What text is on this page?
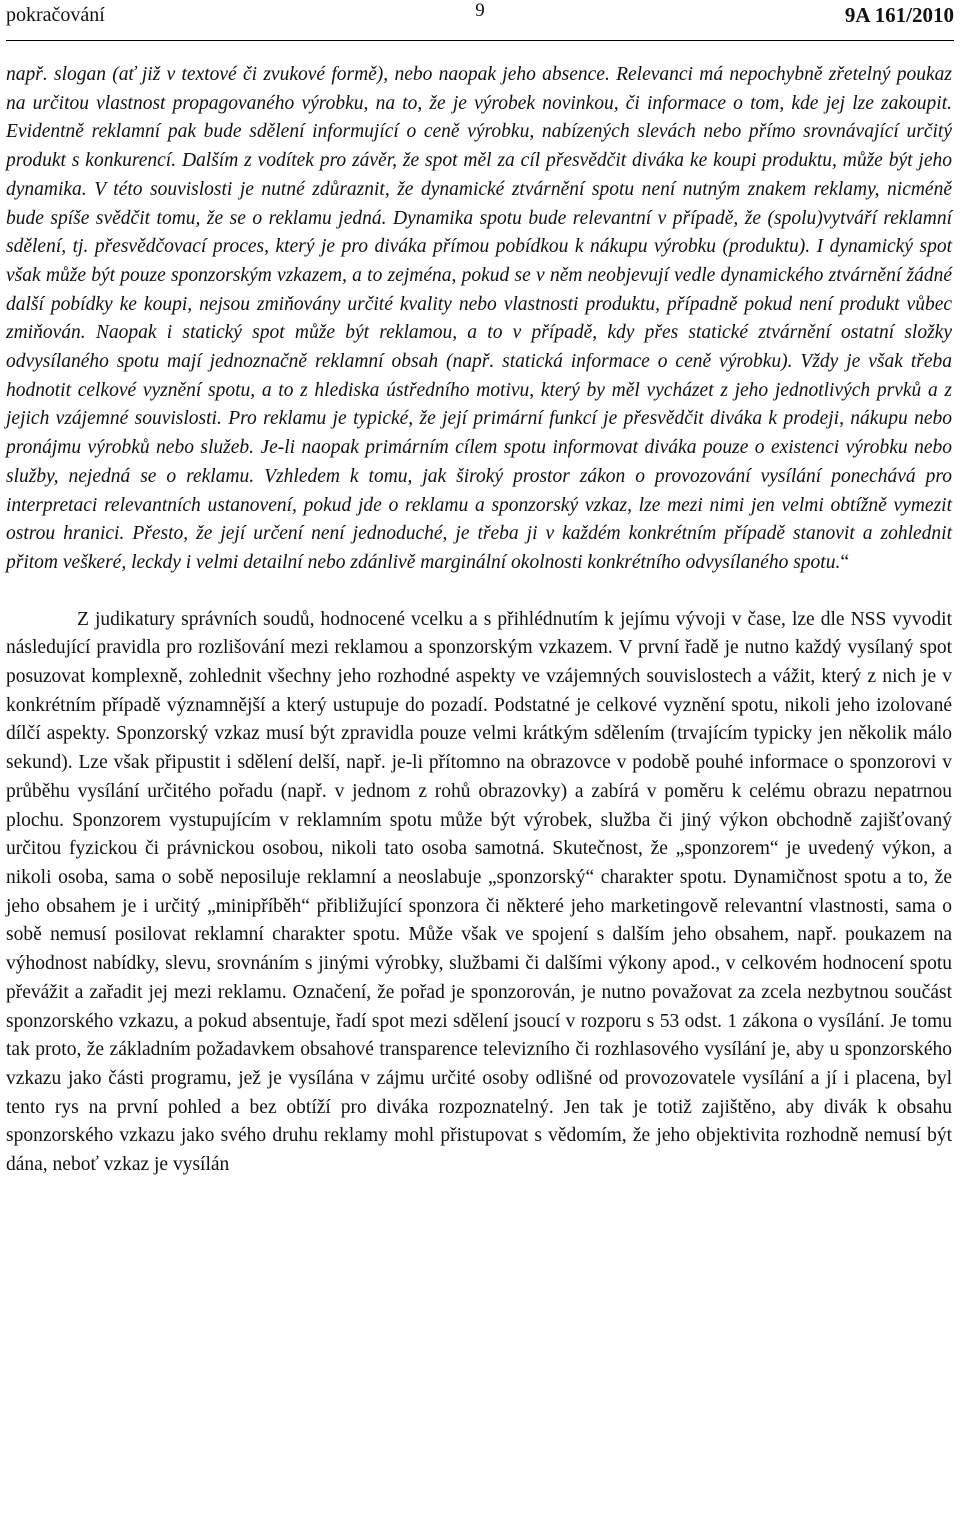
pokračování	9	9A 161/2010

např. slogan (ať již v textové či zvukové formě), nebo naopak jeho absence. Relevanci má nepochybně zřetelný poukaz na určitou vlastnost propagovaného výrobku, na to, že je výrobek novinkou, či informace o tom, kde jej lze zakoupit. Evidentně reklamní pak bude sdělení informující o ceně výrobku, nabízených slevách nebo přímo srovnávající určitý produkt s konkurencí. Dalším z vodítek pro závěr, že spot měl za cíl přesvědčit diváka ke koupi produktu, může být jeho dynamika. V této souvislosti je nutné zdůraznit, že dynamické ztvárnění spotu není nutným znakem reklamy, nicméně bude spíše svědčit tomu, že se o reklamu jedná. Dynamika spotu bude relevantní v případě, že (spolu)vytváří reklamní sdělení, tj. přesvědčovací proces, který je pro diváka přímou pobídkou k nákupu výrobku (produktu). I dynamický spot však může být pouze sponzorským vzkazem, a to zejména, pokud se v něm neobjevují vedle dynamického ztvárnění žádné další pobídky ke koupi, nejsou zmiňovány určité kvality nebo vlastnosti produktu, případně pokud není produkt vůbec zmiňován. Naopak i statický spot může být reklamou, a to v případě, kdy přes statické ztvárnění ostatní složky odvysílaného spotu mají jednoznačně reklamní obsah (např. statická informace o ceně výrobku). Vždy je však třeba hodnotit celkové vyznění spotu, a to z hlediska ústředního motivu, který by měl vycházet z jeho jednotlivých prvků a z jejich vzájemné souvislosti. Pro reklamu je typické, že její primární funkcí je přesvědčit diváka k prodeji, nákupu nebo pronájmu výrobků nebo služeb. Je-li naopak primárním cílem spotu informovat diváka pouze o existenci výrobku nebo služby, nejedná se o reklamu. Vzhledem k tomu, jak široký prostor zákon o provozování vysílání ponechává pro interpretaci relevantních ustanovení, pokud jde o reklamu a sponzorský vzkaz, lze mezi nimi jen velmi obtížně vymezit ostrou hranici. Přesto, že její určení není jednoduché, je třeba ji v každém konkrétním případě stanovit a zohlednit přitom veškeré, leckdy i velmi detailní nebo zdánlivě marginální okolnosti konkrétního odvysílaného spotu.“

Z judikatury správních soudů, hodnocené vcelku a s přihlédnutím k jejímu vývoji v čase, lze dle NSS vyvodit následující pravidla pro rozlišování mezi reklamou a sponzorským vzkazem. V první řadě je nutno každý vysílaný spot posuzovat komplexně, zohlednit všechny jeho rozhodné aspekty ve vzájemných souvislostech a vážit, který z nich je v konkrétním případě významnější a který ustupuje do pozadí. Podstatné je celkové vyznění spotu, nikoli jeho izolované dílčí aspekty. Sponzorský vzkaz musí být zpravidla pouze velmi krátkým sdělením (trvajícím typicky jen několik málo sekund). Lze však připustit i sdělení delší, např. je-li přítomno na obrazovce v podobě pouhé informace o sponzorovi v průběhu vysílání určitého pořadu (např. v jednom z rohů obrazovky) a zabírá v poměru k celému obrazu nepatrnou plochu. Sponzorem vystupujícím v reklamním spotu může být výrobek, služba či jiný výkon obchodně zajišťovaný určitou fyzickou či právnickou osobou, nikoli tato osoba samotná. Skutečnost, že „sponzorem“ je uvedený výkon, a nikoli osoba, sama o sobě neposiluje reklamní a neoslabuje „sponzorský“ charakter spotu. Dynamičnost spotu a to, že jeho obsahem je i určitý „minipříběh“ přibližující sponzora či některé jeho marketingově relevantní vlastnosti, sama o sobě nemusí posilovat reklamní charakter spotu. Může však ve spojení s dalším jeho obsahem, např. poukazem na výhodnost nabídky, slevu, srovnáním s jinými výrobky, službami či dalšími výkony apod., v celkovém hodnocení spotu převážit a zařadit jej mezi reklamu. Označení, že pořad je sponzorován, je nutno považovat za zcela nezbytnou součást sponzorského vzkazu, a pokud absentuje, řadí spot mezi sdělení jsoucí v rozporu s 53 odst. 1 zákona o vysílání. Je tomu tak proto, že základním požadavkem obsahové transparence televizního či rozhlasového vysílání je, aby u sponzorského vzkazu jako části programu, jež je vysílána v zájmu určité osoby odlišné od provozovatele vysílání a jí i placena, byl tento rys na první pohled a bez obtíží pro diváka rozpoznatelný. Jen tak je totiž zajištěno, aby divák k obsahu sponzorského vzkazu jako svého druhu reklamy mohl přistupovat s vědomím, že jeho objektivita rozhodně nemusí být dána, neboť vzkaz je vysílán
